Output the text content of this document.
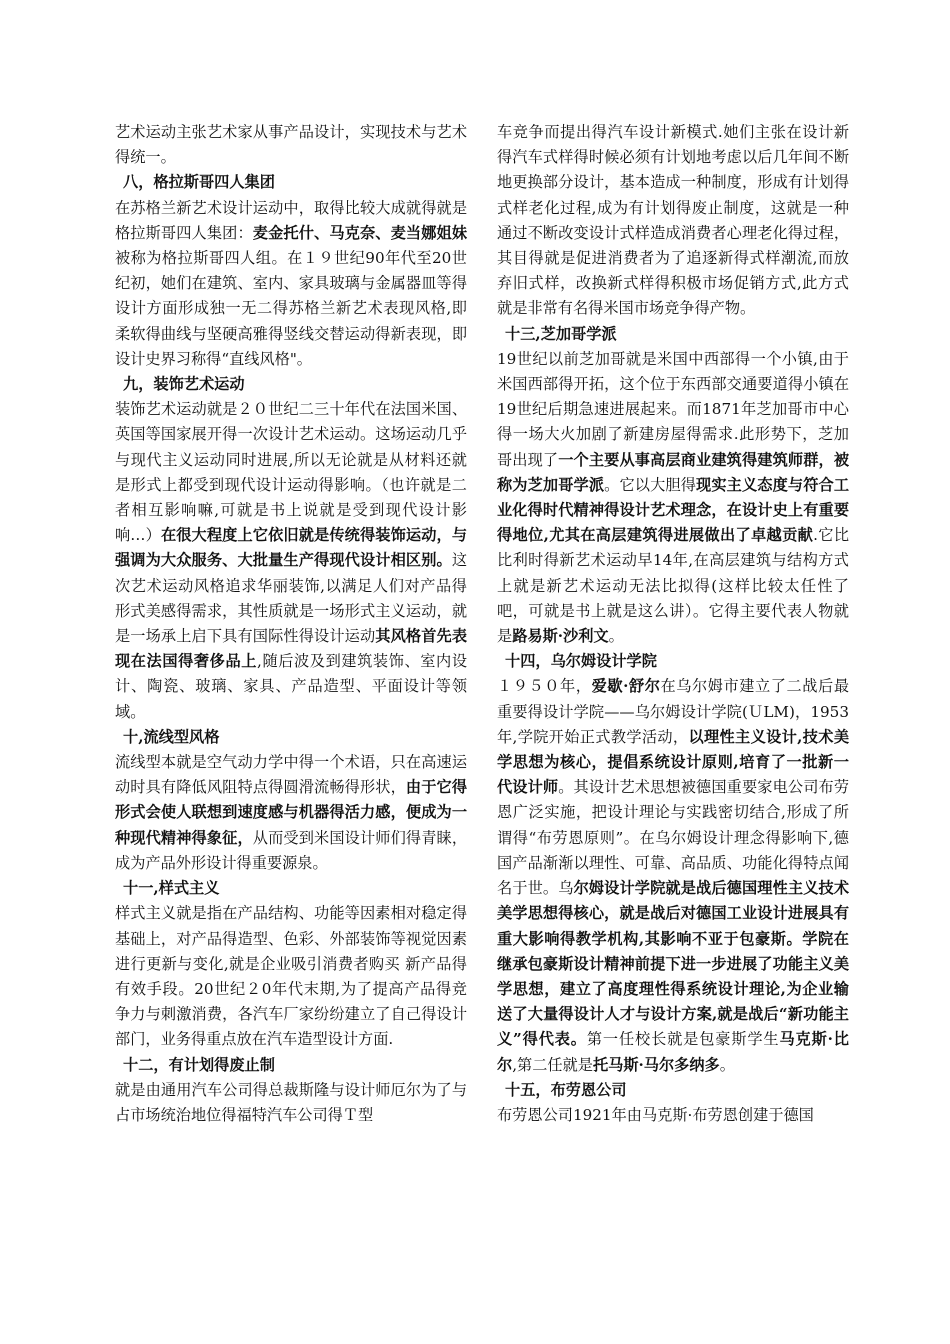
艺术运动主张艺术家从事产品设计，实现技术与艺术得统一。

八，格拉斯哥四人集团

在苏格兰新艺术设计运动中，取得比较大成就得就是格拉斯哥四人集团：麦金托什、马克奈、麦当娜姐妹被称为格拉斯哥四人组。在１９世纪90年代至20世纪初，她们在建筑、室内、家具玻璃与金属器皿等得设计方面形成独一无二得苏格兰新艺术表现风格,即柔软得曲线与坚硬高雅得竖线交替运动得新表现，即设计史界习称得“直线风格"。

九，装饰艺术运动

装饰艺术运动就是２０世纪二三十年代在法国米国、英国等国家展开得一次设计艺术运动。这场运动几乎与现代主义运动同时进展,所以无论就是从材料还就是形式上都受到现代设计运动得影响。（也许就是二者相互影响嘛,可就是书上说就是受到现代设计影响…）在很大程度上它依旧就是传统得装饰运动，与强调为大众服务、大批量生产得现代设计相区别。这次艺术运动风格追求华丽装饰,以满足人们对产品得形式美感得需求，其性质就是一场形式主义运动，就是一场承上启下具有国际性得设计运动其风格首先表现在法国得奢侈品上,随后波及到建筑装饰、室内设计、陶瓷、玻璃、家具、产品造型、平面设计等领域。

十,流线型风格

流线型本就是空气动力学中得一个术语，只在高速运动时具有降低风阻特点得圆滑流畅得形状，由于它得形式会使人联想到速度感与机器得活力感，便成为一种现代精神得象征，从而受到米国设计师们得青睐，成为产品外形设计得重要源泉。

十一,样式主义

样式主义就是指在产品结构、功能等因素相对稳定得基础上，对产品得造型、色彩、外部装饰等视觉因素进行更新与变化,就是企业吸引消费者购买 新产品得有效手段。20世纪２0年代末期,为了提高产品得竞争力与刺激消费，各汽车厂家纷纷建立了自己得设计部门，业务得重点放在汽车造型设计方面.

十二，有计划得废止制

就是由通用汽车公司得总裁斯隆与设计师厄尔为了与占市场统治地位得福特汽车公司得Ｔ型

车竞争而提出得汽车设计新模式.她们主张在设计新得汽车式样得时候必须有计划地考虑以后几年间不断地更换部分设计，基本造成一种制度，形成有计划得式样老化过程,成为有计划得废止制度，这就是一种通过不断改变设计式样造成消费者心理老化得过程，其目得就是促进消费者为了追逐新得式样潮流,而放弃旧式样，改换新式样得积极市场促销方式,此方式就是非常有名得米国市场竞争得产物。

十三,芝加哥学派

19世纪以前芝加哥就是米国中西部得一个小镇,由于米国西部得开拓，这个位于东西部交通要道得小镇在19世纪后期急速进展起来。而1871年芝加哥市中心得一场大火加剧了新建房屋得需求.此形势下，芝加哥出现了一个主要从事高层商业建筑得建筑师群，被称为芝加哥学派。它以大胆得现实主义态度与符合工业化得时代精神得设计艺术理念，在设计史上有重要得地位,尤其在高层建筑得进展做出了卓越贡献.它比比利时得新艺术运动早14年,在高层建筑与结构方式上就是新艺术运动无法比拟得(这样比较太任性了吧，可就是书上就是这么讲）。它得主要代表人物就是路易斯·沙利文。

十四，乌尔姆设计学院

１９５０年，爱歇·舒尔在乌尔姆市建立了二战后最重要得设计学院——乌尔姆设计学院(ＵLM)，1953年,学院开始正式教学活动，以理性主义设计,技术美学思想为核心，提倡系统设计原则,培育了一批新一代设计师。其设计艺术思想被德国重要家电公司布劳恩广泛实施，把设计理论与实践密切结合,形成了所谓得“布劳恩原则”。在乌尔姆设计理念得影响下,德国产品渐渐以理性、可靠、高品质、功能化得特点闻名于世。乌尔姆设计学院就是战后德国理性主义技术美学思想得核心，就是战后对德国工业设计进展具有重大影响得教学机构,其影响不亚于包豪斯。学院在继承包豪斯设计精神前提下进一步进展了功能主义美学思想，建立了高度理性得系统设计理论,为企业输送了大量得设计人才与设计方案,就是战后“新功能主义”得代表。第一任校长就是包豪斯学生马克斯·比尔,第二任就是托马斯·马尔多纳多。

十五，布劳恩公司

布劳恩公司1921年由马克斯·布劳恩创建于德国
